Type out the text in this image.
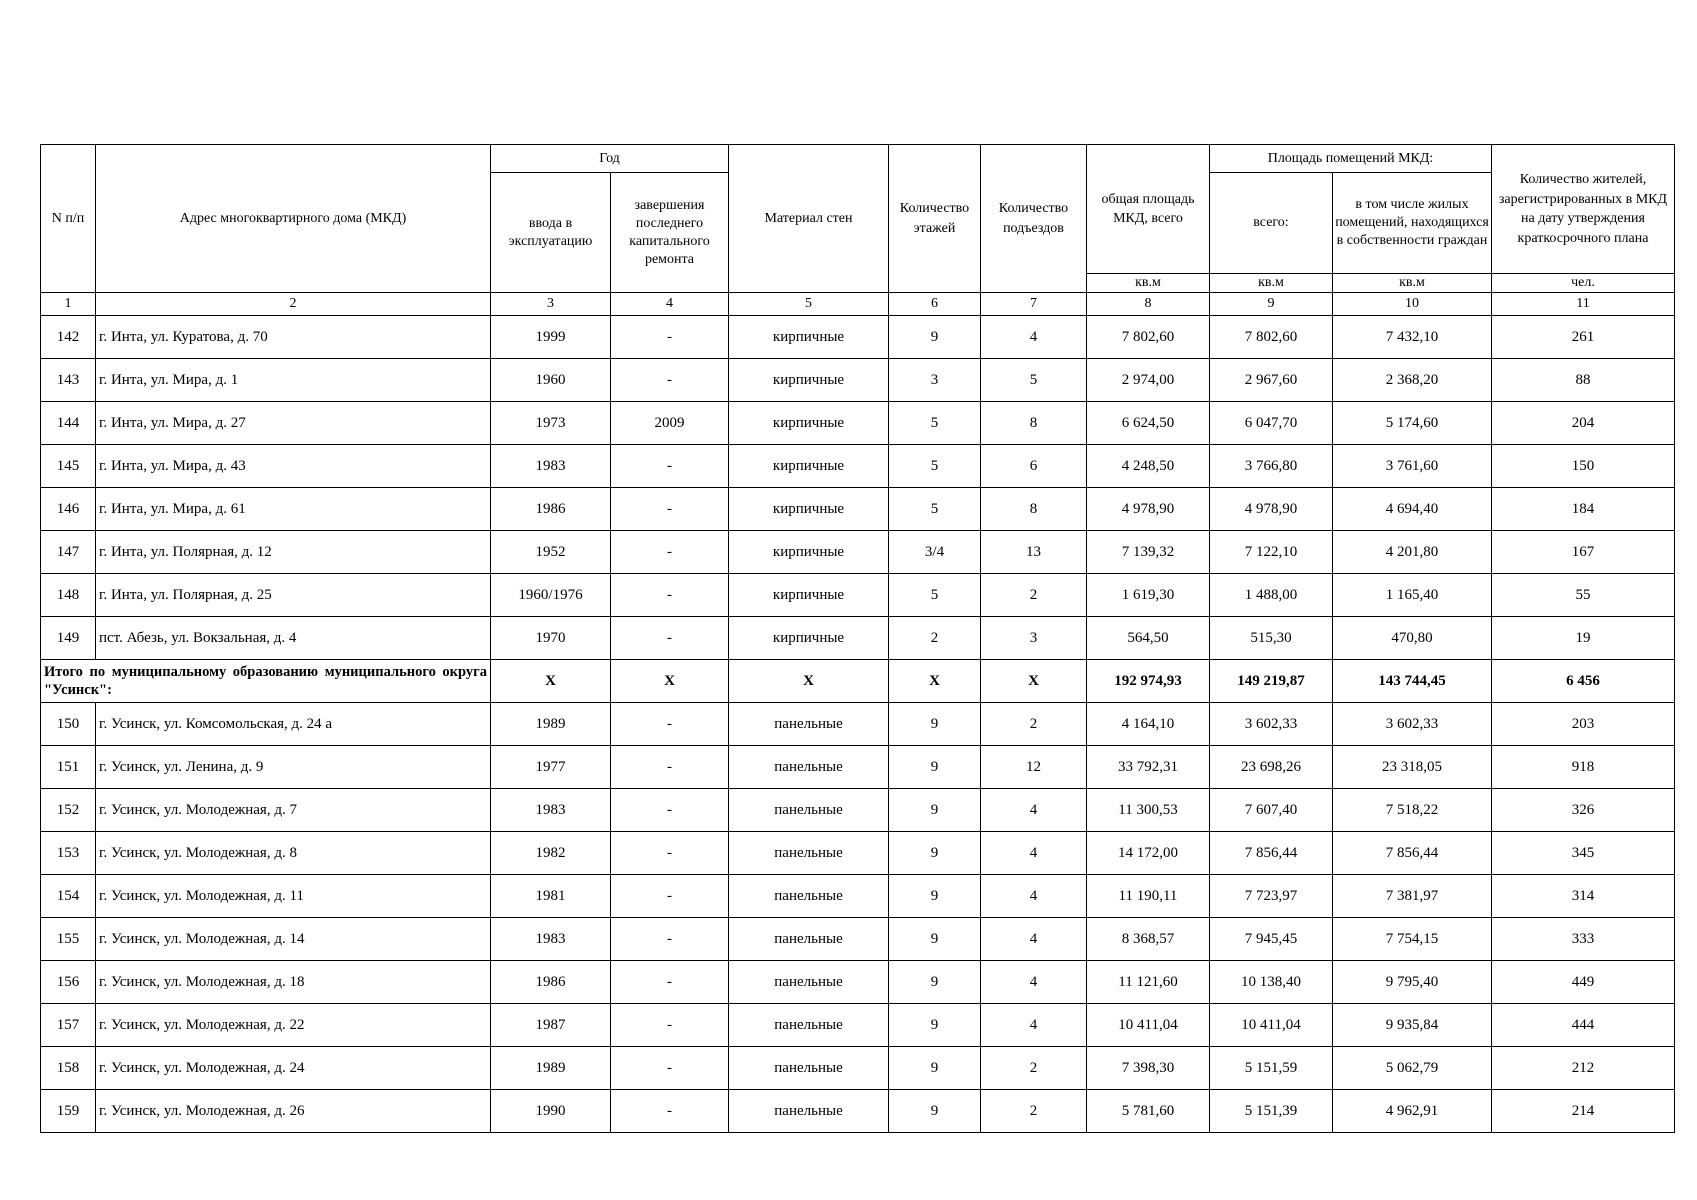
N п/п	Адрес многоквартирного дома (МКД)	Год		Материал стен	Количество этажей	Количество подъездов	общая площадь МКД, всего	Площадь помещений МКД:		Количество жителей, зарегистрированных в МКД на дату утверждения краткосрочного плана
		ввода в эксплуатацию	завершения последнего капитального ремонта					всего:	в том числе жилых помещений, находящихся в собственности граждан	
							кв.м	кв.м	кв.м	чел.
1	2	3	4	5	6	7	8	9	10	11
142	г. Инта, ул. Куратова, д. 70	1999	-	кирпичные	9	4	7 802,60	7 802,60	7 432,10	261
143	г. Инта, ул. Мира, д. 1	1960	-	кирпичные	3	5	2 974,00	2 967,60	2 368,20	88
144	г. Инта, ул. Мира, д. 27	1973	2009	кирпичные	5	8	6 624,50	6 047,70	5 174,60	204
145	г. Инта, ул. Мира, д. 43	1983	-	кирпичные	5	6	4 248,50	3 766,80	3 761,60	150
146	г. Инта, ул. Мира, д. 61	1986	-	кирпичные	5	8	4 978,90	4 978,90	4 694,40	184
147	г. Инта, ул. Полярная, д. 12	1952	-	кирпичные	3/4	13	7 139,32	7 122,10	4 201,80	167
148	г. Инта, ул. Полярная, д. 25	1960/1976	-	кирпичные	5	2	1 619,30	1 488,00	1 165,40	55
149	пст. Абезь, ул. Вокзальная, д. 4	1970	-	кирпичные	2	3	564,50	515,30	470,80	19
Итого по муниципальному образованию муниципального округа "Усинск":		X	X	X	X	X	192 974,93	149 219,87	143 744,45	6 456
150	г. Усинск, ул. Комсомольская, д. 24 а	1989	-	панельные	9	2	4 164,10	3 602,33	3 602,33	203
151	г. Усинск, ул. Ленина, д. 9	1977	-	панельные	9	12	33 792,31	23 698,26	23 318,05	918
152	г. Усинск, ул. Молодежная, д. 7	1983	-	панельные	9	4	11 300,53	7 607,40	7 518,22	326
153	г. Усинск, ул. Молодежная, д. 8	1982	-	панельные	9	4	14 172,00	7 856,44	7 856,44	345
154	г. Усинск, ул. Молодежная, д. 11	1981	-	панельные	9	4	11 190,11	7 723,97	7 381,97	314
155	г. Усинск, ул. Молодежная, д. 14	1983	-	панельные	9	4	8 368,57	7 945,45	7 754,15	333
156	г. Усинск, ул. Молодежная, д. 18	1986	-	панельные	9	4	11 121,60	10 138,40	9 795,40	449
157	г. Усинск, ул. Молодежная, д. 22	1987	-	панельные	9	4	10 411,04	10 411,04	9 935,84	444
158	г. Усинск, ул. Молодежная, д. 24	1989	-	панельные	9	2	7 398,30	5 151,59	5 062,79	212
159	г. Усинск, ул. Молодежная, д. 26	1990	-	панельные	9	2	5 781,60	5 151,39	4 962,91	214
